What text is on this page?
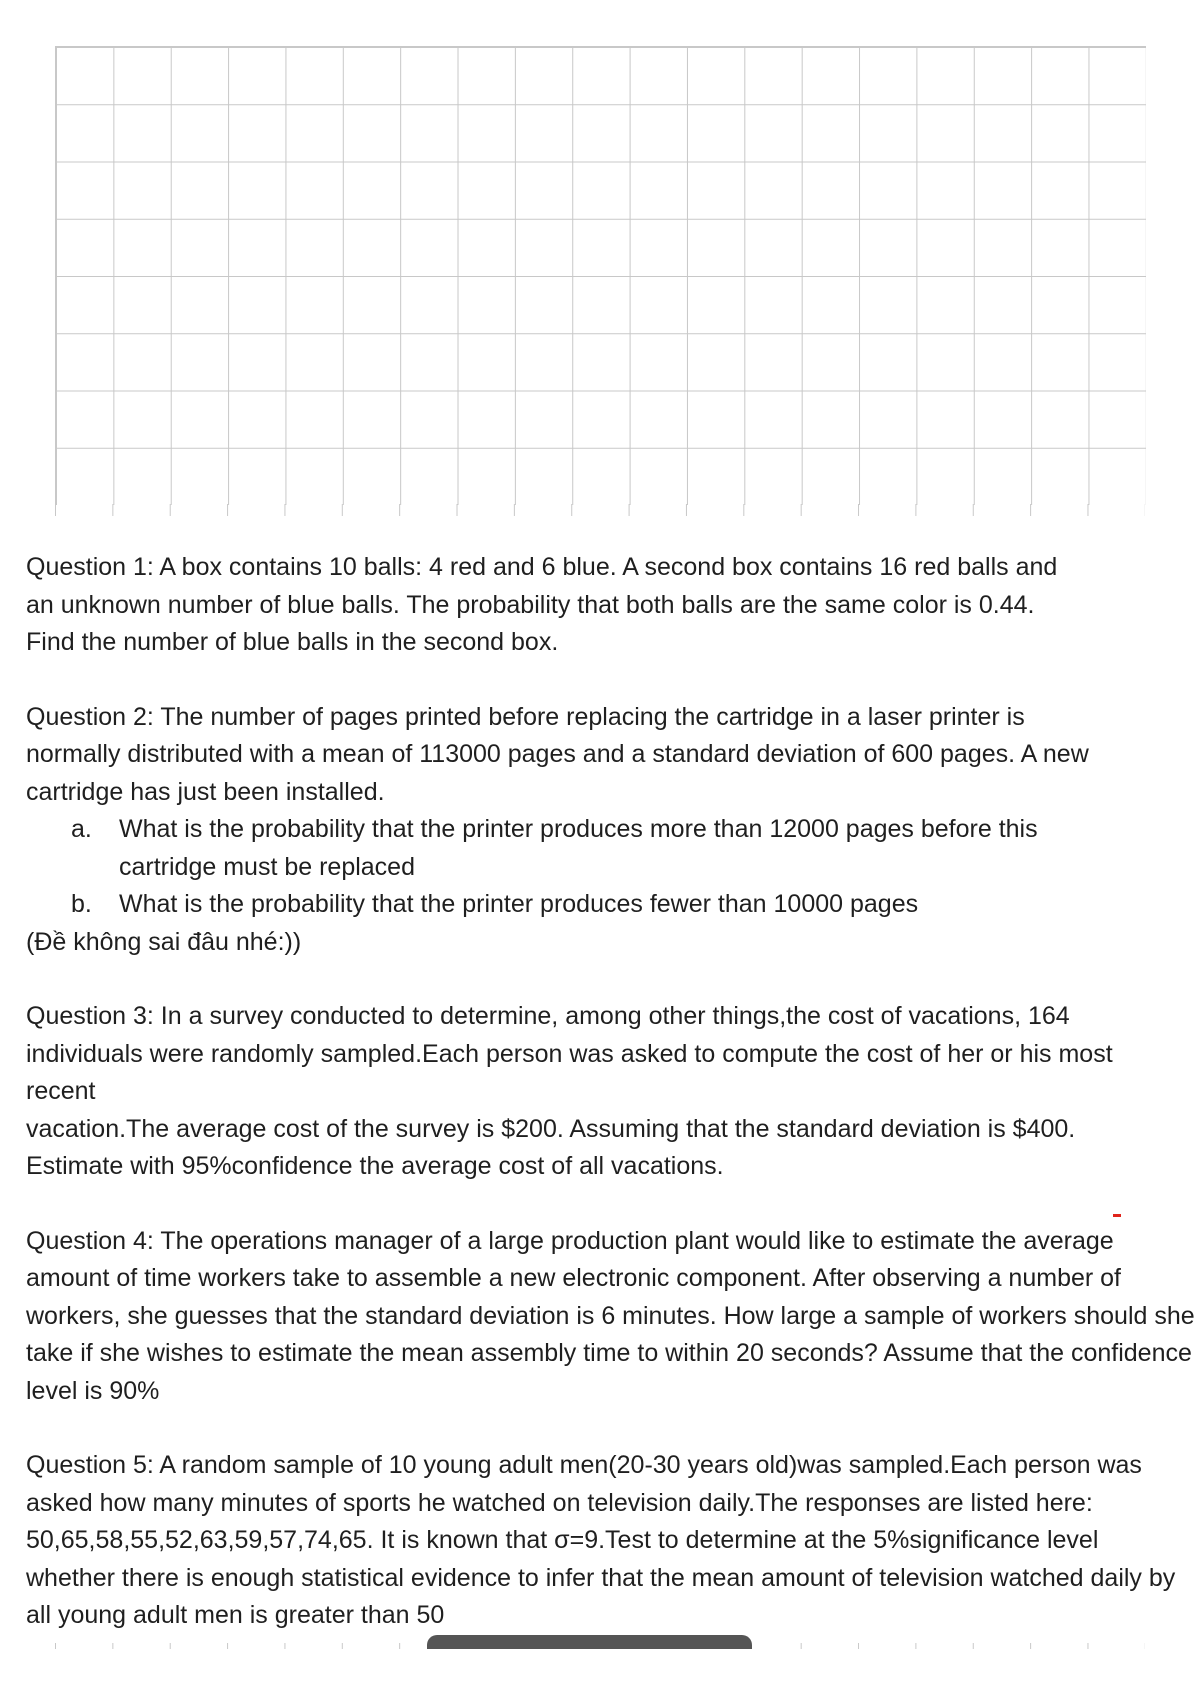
Question 1: A box contains 10 balls: 4 red and 6 blue. A second box contains 16 red balls and an unknown number of blue balls. The probability that both balls are the same color is 0.44. Find the number of blue balls in the second box.

Question 2: The number of pages printed before replacing the cartridge in a laser printer is normally distributed with a mean of 113000 pages and a standard deviation of 600 pages. A new cartridge has just been installed.

a.	What is the probability that the printer produces more than 12000 pages before this cartridge must be replaced
b.	What is the probability that the printer produces fewer than 10000 pages

(Đề không sai đâu nhé:))

Question 3: In a survey conducted to determine, among other things,the cost of vacations, 164 individuals were randomly sampled.Each person was asked to compute the cost of her or his most recent

vacation.The average cost of the survey is $200. Assuming that the standard deviation is $400. Estimate with 95%confidence the average cost of all vacations.

Question 4: The operations manager of a large production plant would like to estimate the average amount of time workers take to assemble a new electronic component. After observing a number of workers, she guesses that the standard deviation is 6 minutes. How large a sample of workers should she take if she wishes to estimate the mean assembly time to within 20 seconds? Assume that the confidence level is 90%

Question 5: A random sample of 10 young adult men(20-30 years old)was sampled.Each person was asked how many minutes of sports he watched on television daily.The responses are listed here: 50,65,58,55,52,63,59,57,74,65. It is known that σ=9.Test to determine at the 5%significance level whether there is enough statistical evidence to infer that the mean amount of television watched daily by all young adult men is greater than 50
